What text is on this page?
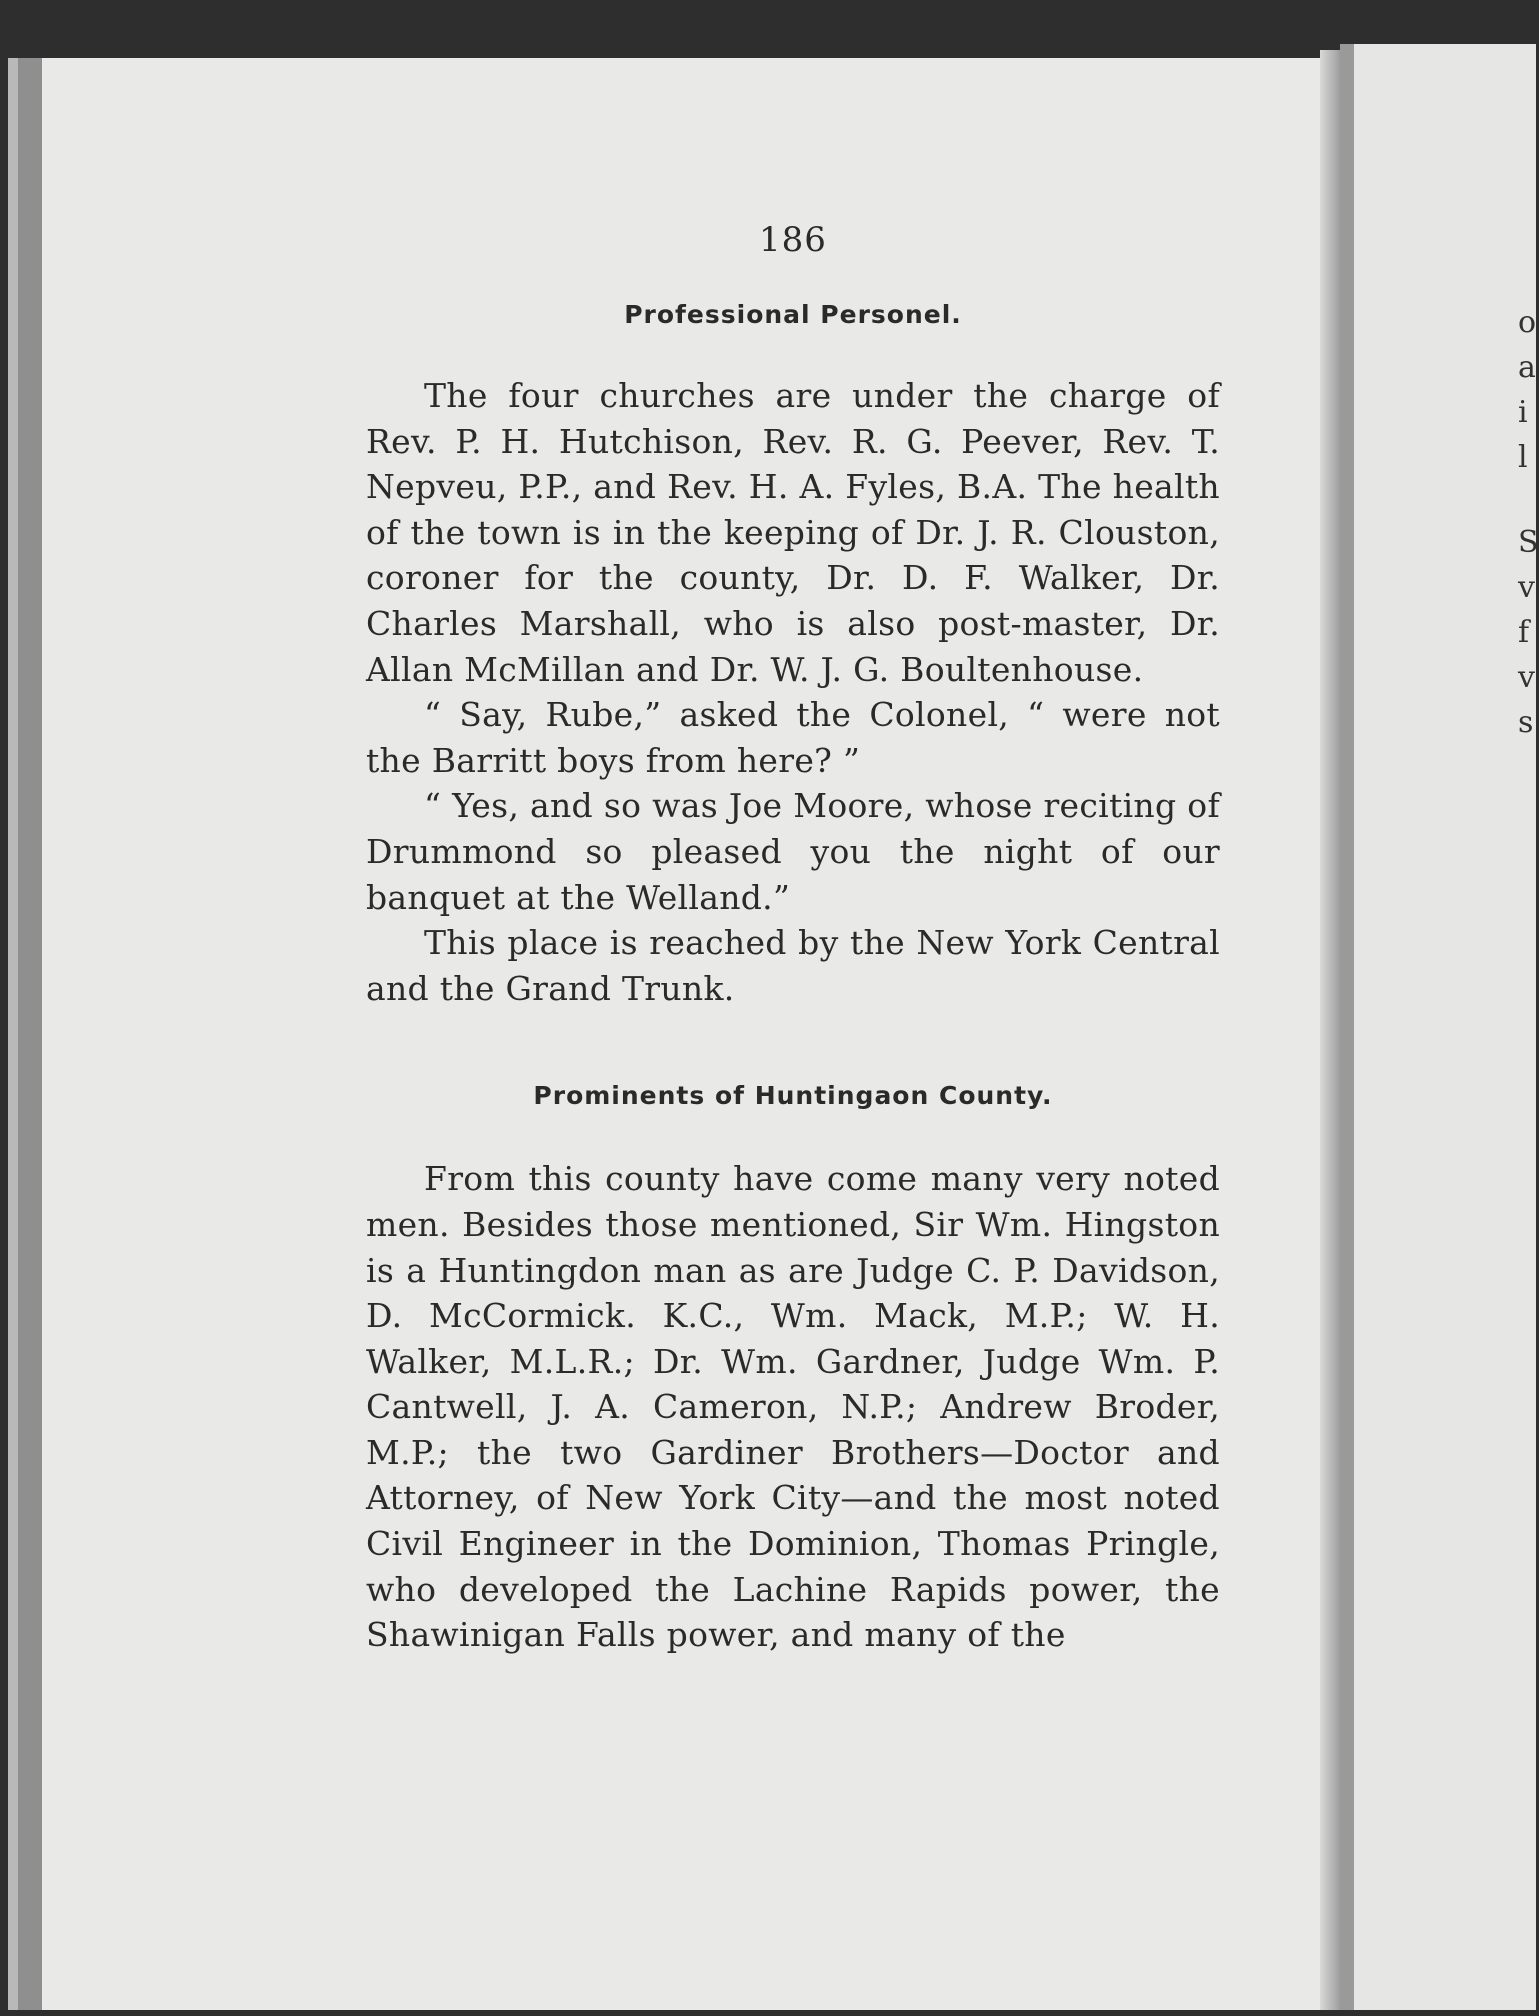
186
Professional Personel.

The four churches are under the charge of Rev. P. H. Hutchison, Rev. R. G. Peever, Rev. T. Nepveu, P.P., and Rev. H. A. Fyles, B.A. The health of the town is in the keeping of Dr. J. R. Clouston, coroner for the county, Dr. D. F. Walker, Dr. Charles Marshall, who is also post-master, Dr. Allan McMillan and Dr. W. J. G. Boultenhouse.

“ Say, Rube,” asked the Colonel, “ were not the Barritt boys from here? ”

“ Yes, and so was Joe Moore, whose reciting of Drummond so pleased you the night of our banquet at the Welland.”

This place is reached by the New York Central and the Grand Trunk.

Prominents of Huntingaon County.

From this county have come many very noted men. Besides those mentioned, Sir Wm. Hingston is a Huntingdon man as are Judge C. P. Davidson, D. McCormick. K.C., Wm. Mack, M.P.; W. H. Walker, M.L.R.; Dr. Wm. Gardner, Judge Wm. P. Cantwell, J. A. Cameron, N.P.; Andrew Broder, M.P.; the two Gardiner Brothers—Doctor and Attorney, of New York City—and the most noted Civil Engineer in the Dominion, Thomas Pringle, who developed the Lachine Rapids power, the Shawinigan Falls power, and many of the

o
a
i
l
S
v
f
v
s
